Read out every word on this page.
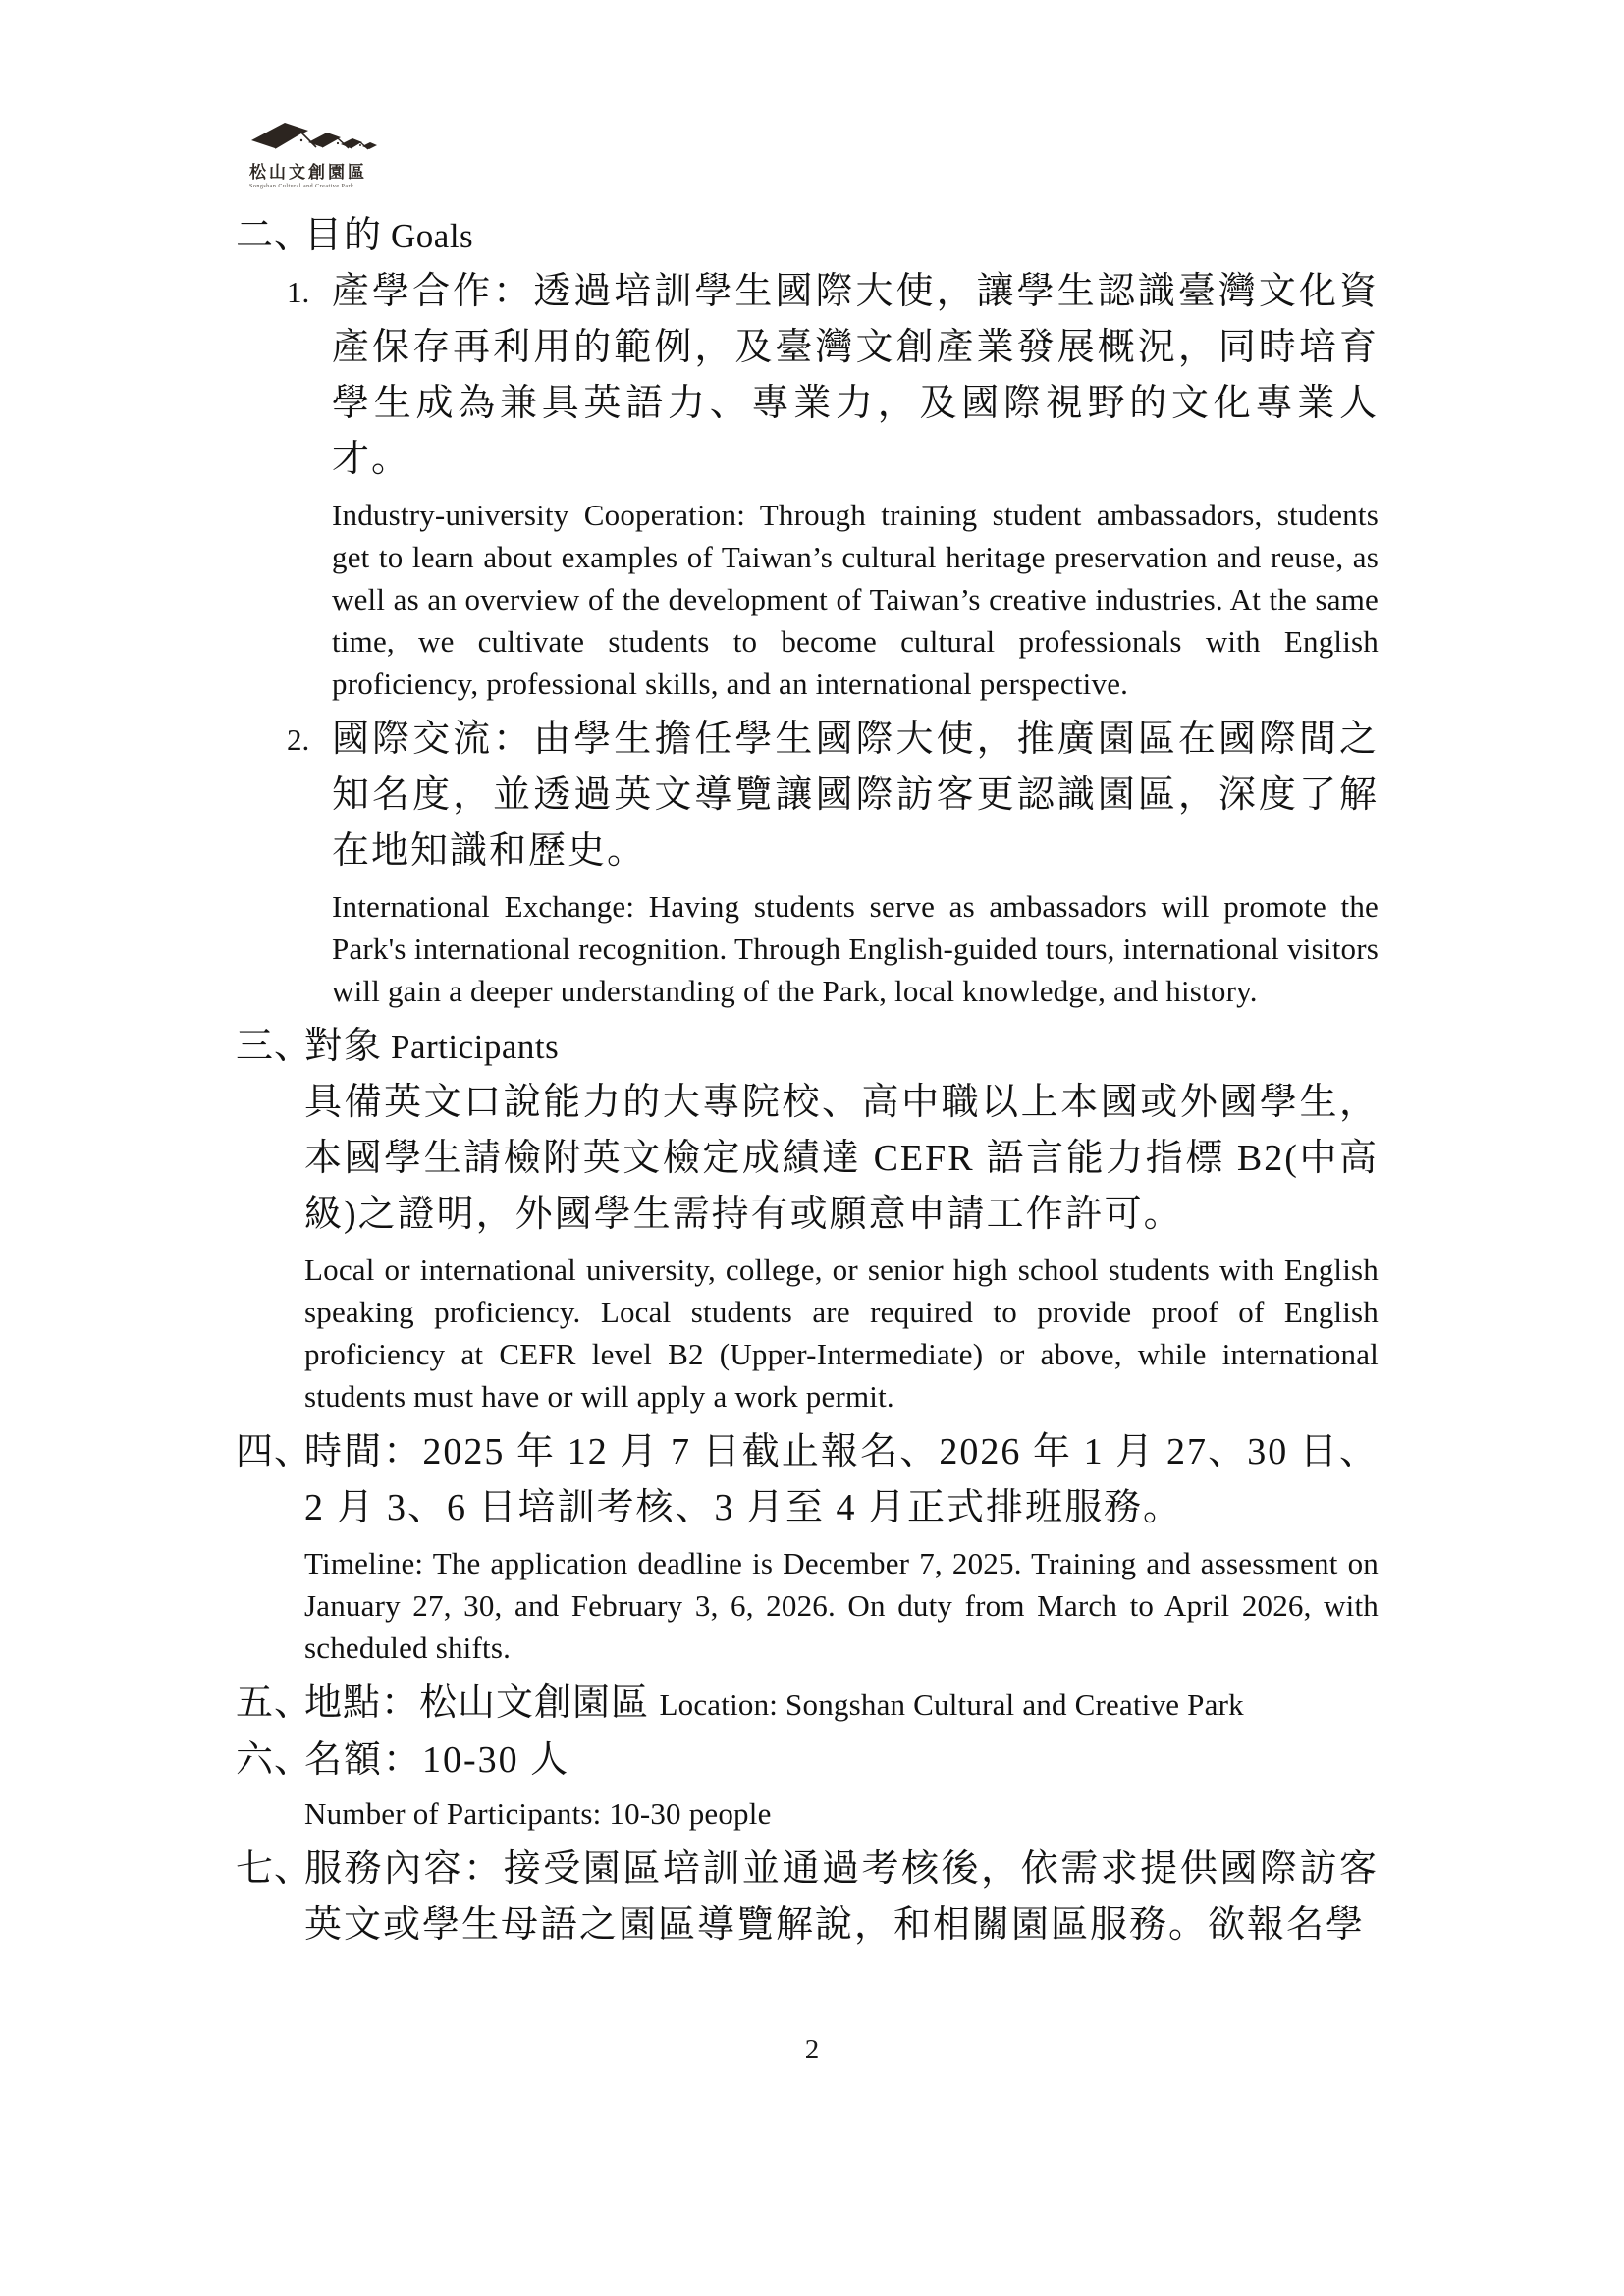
松山文創園區
Songshan Cultural and Creative Park
二、
目的 Goals
1. 產學合作：透過培訓學生國際大使，讓學生認識臺灣文化資產保存再利用的範例，及臺灣文創產業發展概況，同時培育學生成為兼具英語力、專業力，及國際視野的文化專業人才。

Industry-university Cooperation: Through training student ambassadors, students get to learn about examples of Taiwan’s cultural heritage preservation and reuse, as well as an overview of the development of Taiwan’s creative industries. At the same time, we cultivate students to become cultural professionals with English proficiency, professional skills, and an international perspective.

2. 國際交流：由學生擔任學生國際大使，推廣園區在國際間之知名度，並透過英文導覽讓國際訪客更認識園區，深度了解在地知識和歷史。

International Exchange: Having students serve as ambassadors will promote the Park's international recognition. Through English-guided tours, international visitors will gain a deeper understanding of the Park, local knowledge, and history.

三、
對象 Participants

具備英文口說能力的大專院校、高中職以上本國或外國學生，本國學生請檢附英文檢定成績達 CEFR 語言能力指標 B2(中高級)之證明，外國學生需持有或願意申請工作許可。

Local or international university, college, or senior high school students with English speaking proficiency. Local students are required to provide proof of English proficiency at CEFR level B2 (Upper-Intermediate) or above, while international students must have or will apply a work permit.

四、

時間：2025 年 12 月 7 日截止報名、2026 年 1 月 27、30 日、2 月 3、6 日培訓考核、3 月至 4 月正式排班服務。

Timeline: The application deadline is December 7, 2025. Training and assessment on January 27, 30, and February 3, 6, 2026. On duty from March to April 2026, with scheduled shifts.

五、
地點：松山文創園區 Location: Songshan Cultural and Creative Park
六、

名額：10-30 人

Number of Participants: 10-30 people

七、

服務內容：接受園區培訓並通過考核後，依需求提供國際訪客英文或學生母語之園區導覽解說，和相關園區服務。欲報名學

2
